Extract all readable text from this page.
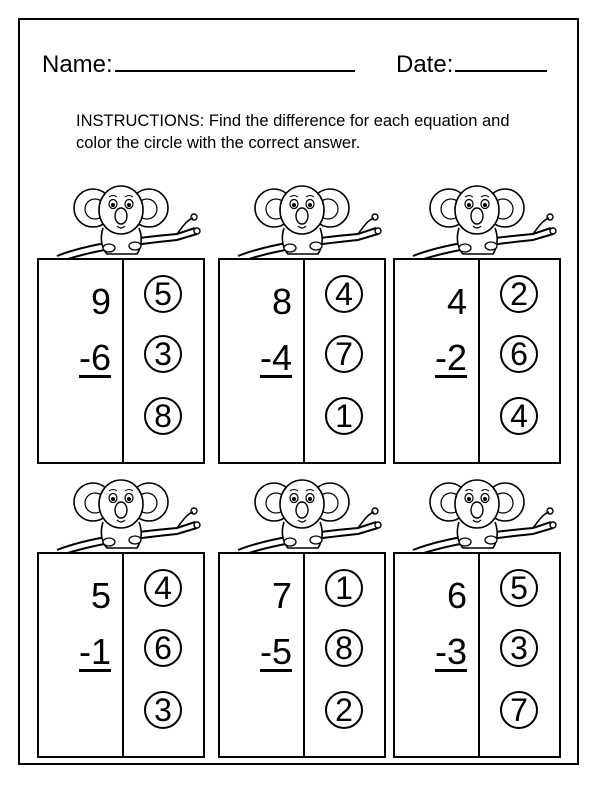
Name:	Date:
INSTRUCTIONS: Find the difference for each equation and color the circle with the correct answer.
9
-6
5
3
8
8
-4
4
7
1
4
-2
2
6
4
5
-1
4
6
3
7
-5
1
8
2
6
-3
5
3
7
